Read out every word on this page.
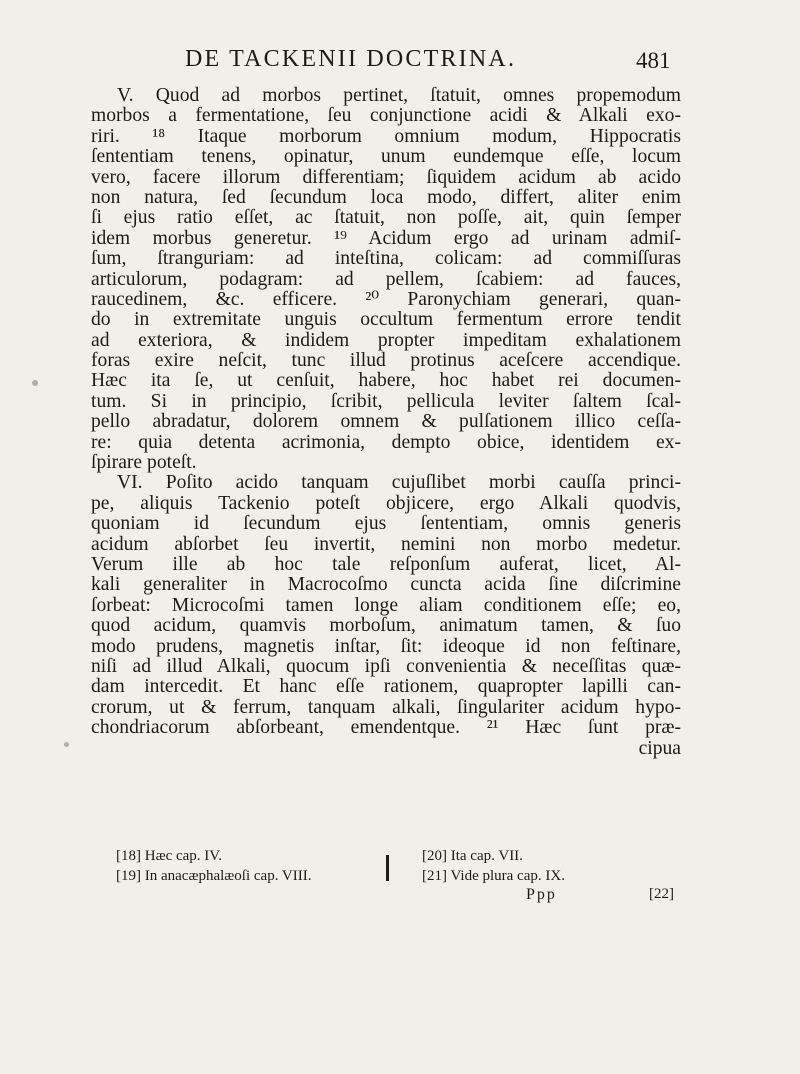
DE TACKENII DOCTRINA.	481
V. Quod ad morbos pertinet, ſtatuit, omnes propemodum
morbos a fermentatione, ſeu conjunctione acidi & Alkali exo-
riri. ¹⁸ Itaque morborum omnium modum, Hippocratis
ſententiam tenens, opinatur, unum eundemque eſſe, locum
vero, facere illorum differentiam; ſiquidem acidum ab acido
non natura, ſed ſecundum loca modo, differt, aliter enim
ſi ejus ratio eſſet, ac ſtatuit, non poſſe, ait, quin ſemper
idem morbus generetur. ¹⁹ Acidum ergo ad urinam admiſ-
ſum, ſtranguriam: ad inteſtina, colicam: ad commiſſuras
articulorum, podagram: ad pellem, ſcabiem: ad fauces,
raucedinem, &c. efficere. ²⁰ Paronychiam generari, quan-
do in extremitate unguis occultum fermentum errore tendit
ad exteriora, & indidem propter impeditam exhalationem
foras exire neſcit, tunc illud protinus aceſcere accendique.
Hæc ita ſe, ut cenſuit, habere, hoc habet rei documen-
tum. Si in principio, ſcribit, pellicula leviter ſaltem ſcal-
pello abradatur, dolorem omnem & pulſationem illico ceſſa-
re: quia detenta acrimonia, dempto obice, identidem ex-
ſpirare poteſt.
VI. Poſito acido tanquam cujuſlibet morbi cauſſa princi-
pe, aliquis Tackenio poteſt objicere, ergo Alkali quodvis,
quoniam id ſecundum ejus ſententiam, omnis generis
acidum abſorbet ſeu invertit, nemini non morbo medetur.
Verum ille ab hoc tale reſponſum auferat, licet, Al-
kali generaliter in Macrocoſmo cuncta acida ſine diſcrimine
ſorbeat: Microcoſmi tamen longe aliam conditionem eſſe; eo,
quod acidum, quamvis morboſum, animatum tamen, & ſuo
modo prudens, magnetis inſtar, ſit: ideoque id non feſtinare,
niſi ad illud Alkali, quocum ipſi convenientia & neceſſitas quæ-
dam intercedit. Et hanc eſſe rationem, quapropter lapilli can-
crorum, ut & ferrum, tanquam alkali, ſingulariter acidum hypo-
chondriacorum abſorbeant, emendentque. ²¹ Hæc ſunt præ-
cipua
[18] Hæc cap. IV.
[19] In anacæphalæoſi cap. VIII.
[20] Ita cap. VII.
[21] Vide plura cap. IX.
Ppp	[22]
